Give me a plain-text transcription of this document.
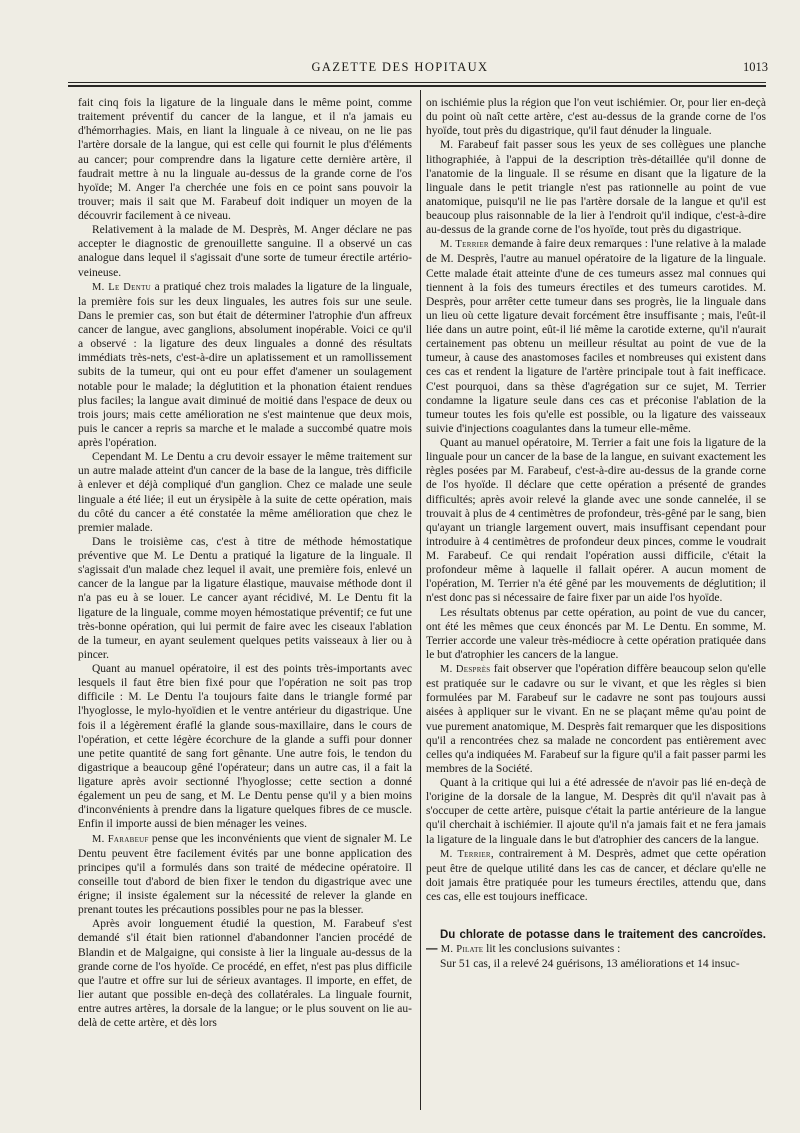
GAZETTE DES HOPITAUX	1013

fait cinq fois la ligature de la linguale dans le même point, comme traitement préventif du cancer de la langue, et il n'a jamais eu d'hémorrhagies. Mais, en liant la linguale à ce niveau, on ne lie pas l'artère dorsale de la langue, qui est celle qui fournit le plus d'éléments au cancer; pour comprendre dans la ligature cette dernière artère, il faudrait mettre à nu la linguale au-dessus de la grande corne de l'os hyoïde; M. Anger l'a cherchée une fois en ce point sans pouvoir la trouver; mais il sait que M. Farabeuf doit indiquer un moyen de la découvrir facilement à ce niveau.

Relativement à la malade de M. Desprès, M. Anger déclare ne pas accepter le diagnostic de grenouillette sanguine. Il a observé un cas analogue dans lequel il s'agissait d'une sorte de tumeur érectile artério-veineuse.

M. Le Dentu a pratiqué chez trois malades la ligature de la linguale, la première fois sur les deux linguales, les autres fois sur une seule. Dans le premier cas, son but était de déterminer l'atrophie d'un affreux cancer de langue, avec ganglions, absolument inopérable. Voici ce qu'il a observé : la ligature des deux linguales a donné des résultats immédiats très-nets, c'est-à-dire un aplatissement et un ramollissement subits de la tumeur, qui ont eu pour effet d'amener un soulagement notable pour le malade; la déglutition et la phonation étaient rendues plus faciles; la langue avait diminué de moitié dans l'espace de deux ou trois jours; mais cette amélioration ne s'est maintenue que deux mois, puis le cancer a repris sa marche et le malade a succombé quatre mois après l'opération.

Cependant M. Le Dentu a cru devoir essayer le même traitement sur un autre malade atteint d'un cancer de la base de la langue, très difficile à enlever et déjà compliqué d'un ganglion. Chez ce malade une seule linguale a été liée; il eut un érysipèle à la suite de cette opération, mais du côté du cancer a été constatée la même amélioration que chez le premier malade.

Dans le troisième cas, c'est à titre de méthode hémostatique préventive que M. Le Dentu a pratiqué la ligature de la linguale. Il s'agissait d'un malade chez lequel il avait, une première fois, enlevé un cancer de la langue par la ligature élastique, mauvaise méthode dont il n'a pas eu à se louer. Le cancer ayant récidivé, M. Le Dentu fit la ligature de la linguale, comme moyen hémostatique préventif; ce fut une très-bonne opération, qui lui permit de faire avec les ciseaux l'ablation de la tumeur, en ayant seulement quelques petits vaisseaux à lier ou à pincer.

Quant au manuel opératoire, il est des points très-importants avec lesquels il faut être bien fixé pour que l'opération ne soit pas trop difficile : M. Le Dentu l'a toujours faite dans le triangle formé par l'hyoglosse, le mylo-hyoïdien et le ventre antérieur du digastrique. Une fois il a légèrement éraflé la glande sous-maxillaire, dans le cours de l'opération, et cette légère écorchure de la glande a suffi pour donner une petite quantité de sang fort gênante. Une autre fois, le tendon du digastrique a beaucoup gêné l'opérateur; dans un autre cas, il a fait la ligature après avoir sectionné l'hyoglosse; cette section a donné également un peu de sang, et M. Le Dentu pense qu'il y a bien moins d'inconvénients à prendre dans la ligature quelques fibres de ce muscle. Enfin il importe aussi de bien ménager les veines.

M. Farabeuf pense que les inconvénients que vient de signaler M. Le Dentu peuvent être facilement évités par une bonne application des principes qu'il a formulés dans son traité de médecine opératoire. Il conseille tout d'abord de bien fixer le tendon du digastrique avec une érigne; il insiste également sur la nécessité de relever la glande en prenant toutes les précautions possibles pour ne pas la blesser.

Après avoir longuement étudié la question, M. Farabeuf s'est demandé s'il était bien rationnel d'abandonner l'ancien procédé de Blandin et de Malgaigne, qui consiste à lier la linguale au-dessus de la grande corne de l'os hyoïde. Ce procédé, en effet, n'est pas plus difficile que l'autre et offre sur lui de sérieux avantages. Il importe, en effet, de lier autant que possible en-deçà des collatérales. La linguale fournit, entre autres artères, la dorsale de la langue; or le plus souvent on lie au-delà de cette artère, et dès lors

on ischiémie plus la région que l'on veut ischiémier. Or, pour lier en-deçà du point où naît cette artère, c'est au-dessus de la grande corne de l'os hyoïde, tout près du digastrique, qu'il faut dénuder la linguale.

M. Farabeuf fait passer sous les yeux de ses collègues une planche lithographiée, à l'appui de la description très-détaillée qu'il donne de l'anatomie de la linguale. Il se résume en disant que la ligature de la linguale dans le petit triangle n'est pas rationnelle au point de vue anatomique, puisqu'il ne lie pas l'artère dorsale de la langue et qu'il est beaucoup plus raisonnable de la lier à l'endroit qu'il indique, c'est-à-dire au-dessus de la grande corne de l'os hyoïde, tout près du digastrique.

M. Terrier demande à faire deux remarques : l'une relative à la malade de M. Desprès, l'autre au manuel opératoire de la ligature de la linguale. Cette malade était atteinte d'une de ces tumeurs assez mal connues qui tiennent à la fois des tumeurs érectiles et des tumeurs carotides. M. Desprès, pour arrêter cette tumeur dans ses progrès, lie la linguale dans un lieu où cette ligature devait forcément être insuffisante ; mais, l'eût-il liée dans un autre point, eût-il lié même la carotide externe, qu'il n'aurait certainement pas obtenu un meilleur résultat au point de vue de la tumeur, à cause des anastomoses faciles et nombreuses qui existent dans ces cas et rendent la ligature de l'artère principale tout à fait inefficace. C'est pourquoi, dans sa thèse d'agrégation sur ce sujet, M. Terrier condamne la ligature seule dans ces cas et préconise l'ablation de la tumeur toutes les fois qu'elle est possible, ou la ligature des vaisseaux suivie d'injections coagulantes dans la tumeur elle-même.

Quant au manuel opératoire, M. Terrier a fait une fois la ligature de la linguale pour un cancer de la base de la langue, en suivant exactement les règles posées par M. Farabeuf, c'est-à-dire au-dessus de la grande corne de l'os hyoïde. Il déclare que cette opération a présenté de grandes difficultés; après avoir relevé la glande avec une sonde cannelée, il se trouvait à plus de 4 centimètres de profondeur, très-gêné par le sang, bien qu'ayant un triangle largement ouvert, mais insuffisant cependant pour introduire à 4 centimètres de profondeur deux pinces, comme le voudrait M. Farabeuf. Ce qui rendait l'opération aussi difficile, c'était la profondeur même à laquelle il fallait opérer. A aucun moment de l'opération, M. Terrier n'a été gêné par les mouvements de déglutition; il n'est donc pas si nécessaire de faire fixer par un aide l'os hyoïde.

Les résultats obtenus par cette opération, au point de vue du cancer, ont été les mêmes que ceux énoncés par M. Le Dentu. En somme, M. Terrier accorde une valeur très-médiocre à cette opération pratiquée dans le but d'atrophier les cancers de la langue.

M. Desprès fait observer que l'opération diffère beaucoup selon qu'elle est pratiquée sur le cadavre ou sur le vivant, et que les règles si bien formulées par M. Farabeuf sur le cadavre ne sont pas toujours aussi aisées à appliquer sur le vivant. En ne se plaçant même qu'au point de vue purement anatomique, M. Desprès fait remarquer que les dispositions qu'il a rencontrées chez sa malade ne concordent pas entièrement avec celles qu'a indiquées M. Farabeuf sur la figure qu'il a fait passer parmi les membres de la Société.

Quant à la critique qui lui a été adressée de n'avoir pas lié en-deçà de l'origine de la dorsale de la langue, M. Desprès dit qu'il n'avait pas à s'occuper de cette artère, puisque c'était la partie antérieure de la langue qu'il cherchait à ischiémier. Il ajoute qu'il n'a jamais fait et ne fera jamais la ligature de la linguale dans le but d'atrophier des cancers de la langue.

M. Terrier, contrairement à M. Desprès, admet que cette opération peut être de quelque utilité dans les cas de cancer, et déclare qu'elle ne doit jamais être pratiquée pour les tumeurs érectiles, attendu que, dans ces cas, elle est toujours inefficace.

Du chlorate de potasse dans le traitement des cancroïdes. — M. Pilate lit les conclusions suivantes :

Sur 51 cas, il a relevé 24 guérisons, 13 améliorations et 14 insuc-
